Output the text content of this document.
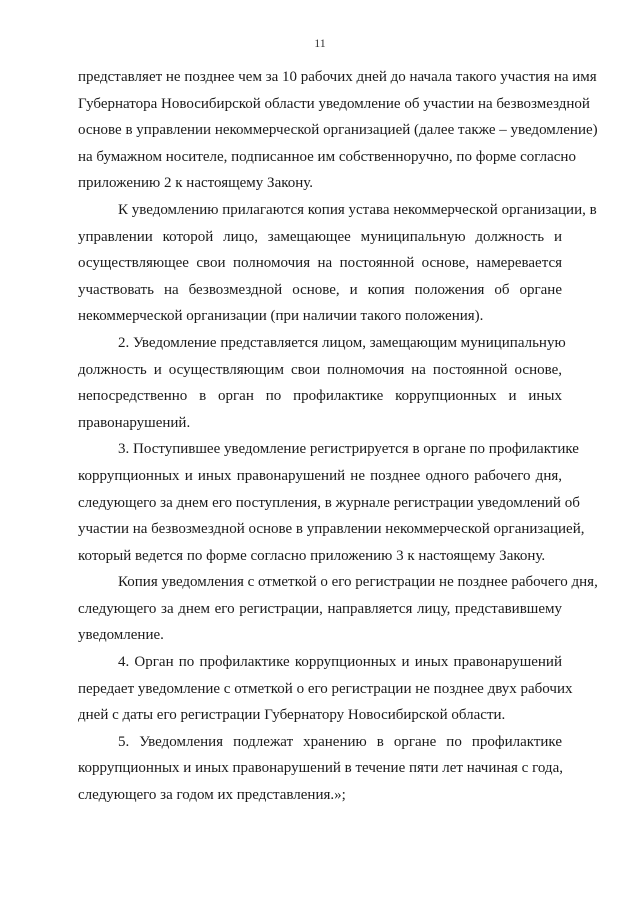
11
представляет не позднее чем за 10 рабочих дней до начала такого участия на имя
Губернатора Новосибирской области уведомление об участии на безвозмездной
основе в управлении некоммерческой организацией (далее также – уведомление)
на бумажном носителе, подписанное им собственноручно, по форме согласно
приложению 2 к настоящему Закону.
К уведомлению прилагаются копия устава некоммерческой организации, в
управлении которой лицо, замещающее муниципальную должность и
осуществляющее свои полномочия на постоянной основе, намеревается
участвовать на безвозмездной основе, и копия положения об органе
некоммерческой организации (при наличии такого положения).
2. Уведомление представляется лицом, замещающим муниципальную
должность и осуществляющим свои полномочия на постоянной основе,
непосредственно в орган по профилактике коррупционных и иных
правонарушений.
3. Поступившее уведомление регистрируется в органе по профилактике
коррупционных и иных правонарушений не позднее одного рабочего дня,
следующего за днем его поступления, в журнале регистрации уведомлений об
участии на безвозмездной основе в управлении некоммерческой организацией,
который ведется по форме согласно приложению 3 к настоящему Закону.
Копия уведомления с отметкой о его регистрации не позднее рабочего дня,
следующего за днем его регистрации, направляется лицу, представившему
уведомление.
4. Орган по профилактике коррупционных и иных правонарушений
передает уведомление с отметкой о его регистрации не позднее двух рабочих
дней с даты его регистрации Губернатору Новосибирской области.
5. Уведомления подлежат хранению в органе по профилактике
коррупционных и иных правонарушений в течение пяти лет начиная с года,
следующего за годом их представления.»;
